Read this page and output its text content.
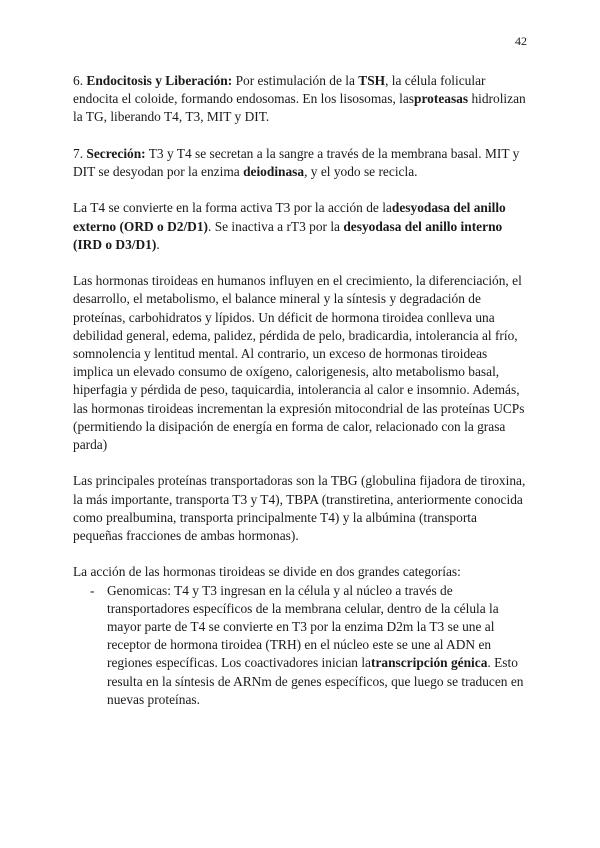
42

6. Endocitosis y Liberación: Por estimulación de la TSH, la célula folicular endocita el coloide, formando endosomas. En los lisosomas, lasproteasas hidrolizan la TG, liberando T4, T3, MIT y DIT.

7. Secreción: T3 y T4 se secretan a la sangre a través de la membrana basal. MIT y DIT se desyodan por la enzima deiodinasa, y el yodo se recicla.

La T4 se convierte en la forma activa T3 por la acción de ladesyodasa del anillo externo (ORD o D2/D1). Se inactiva a rT3 por la desyodasa del anillo interno (IRD o D3/D1).

Las hormonas tiroideas en humanos influyen en el crecimiento, la diferenciación, el desarrollo, el metabolismo, el balance mineral y la síntesis y degradación de proteínas, carbohidratos y lípidos. Un déficit de hormona tiroidea conlleva una debilidad general, edema, palidez, pérdida de pelo, bradicardia, intolerancia al frío, somnolencia y lentitud mental. Al contrario, un exceso de hormonas tiroideas implica un elevado consumo de oxígeno, calorigenesis, alto metabolismo basal, hiperfagia y pérdida de peso, taquicardia, intolerancia al calor e insomnio. Además, las hormonas tiroideas incrementan la expresión mitocondrial de las proteínas UCPs (permitiendo la disipación de energía en forma de calor, relacionado con la grasa parda)

Las principales proteínas transportadoras son la TBG (globulina fijadora de tiroxina, la más importante, transporta T3 y T4), TBPA (transtiretina, anteriormente conocida como prealbumina, transporta principalmente T4) y la albúmina (transporta pequeñas fracciones de ambas hormonas).

La acción de las hormonas tiroideas se divide en dos grandes categorías:

- Genomicas: T4 y T3 ingresan en la célula y al núcleo a través de transportadores específicos de la membrana celular, dentro de la célula la mayor parte de T4 se convierte en T3 por la enzima D2m la T3 se une al receptor de hormona tiroidea (TRH) en el núcleo este se une al ADN en regiones específicas. Los coactivadores inician latranscripción génica. Esto resulta en la síntesis de ARNm de genes específicos, que luego se traducen en nuevas proteínas.
